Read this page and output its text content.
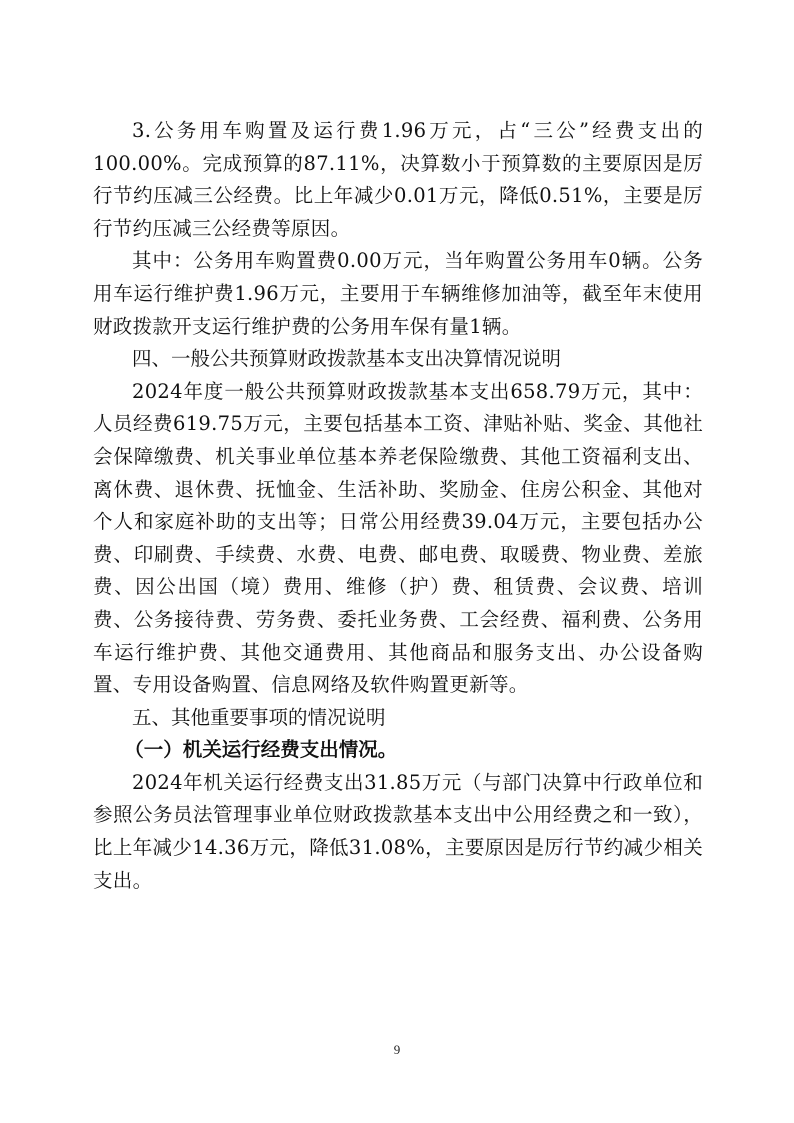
3.公务用车购置及运行费1.96万元，占“三公”经费支出的100.00%。完成预算的87.11%，决算数小于预算数的主要原因是厉行节约压减三公经费。比上年减少0.01万元，降低0.51%，主要是厉行节约压减三公经费等原因。

其中：公务用车购置费0.00万元，当年购置公务用车0辆。公务用车运行维护费1.96万元，主要用于车辆维修加油等，截至年末使用财政拨款开支运行维护费的公务用车保有量1辆。

四、一般公共预算财政拨款基本支出决算情况说明

2024年度一般公共预算财政拨款基本支出658.79万元，其中：人员经费619.75万元，主要包括基本工资、津贴补贴、奖金、其他社会保障缴费、机关事业单位基本养老保险缴费、其他工资福利支出、离休费、退休费、抚恤金、生活补助、奖励金、住房公积金、其他对个人和家庭补助的支出等；日常公用经费39.04万元，主要包括办公费、印刷费、手续费、水费、电费、邮电费、取暖费、物业费、差旅费、因公出国（境）费用、维修（护）费、租赁费、会议费、培训费、公务接待费、劳务费、委托业务费、工会经费、福利费、公务用车运行维护费、其他交通费用、其他商品和服务支出、办公设备购置、专用设备购置、信息网络及软件购置更新等。

五、其他重要事项的情况说明

（一）机关运行经费支出情况。

2024年机关运行经费支出31.85万元（与部门决算中行政单位和参照公务员法管理事业单位财政拨款基本支出中公用经费之和一致），比上年减少14.36万元，降低31.08%，主要原因是厉行节约减少相关支出。

9
